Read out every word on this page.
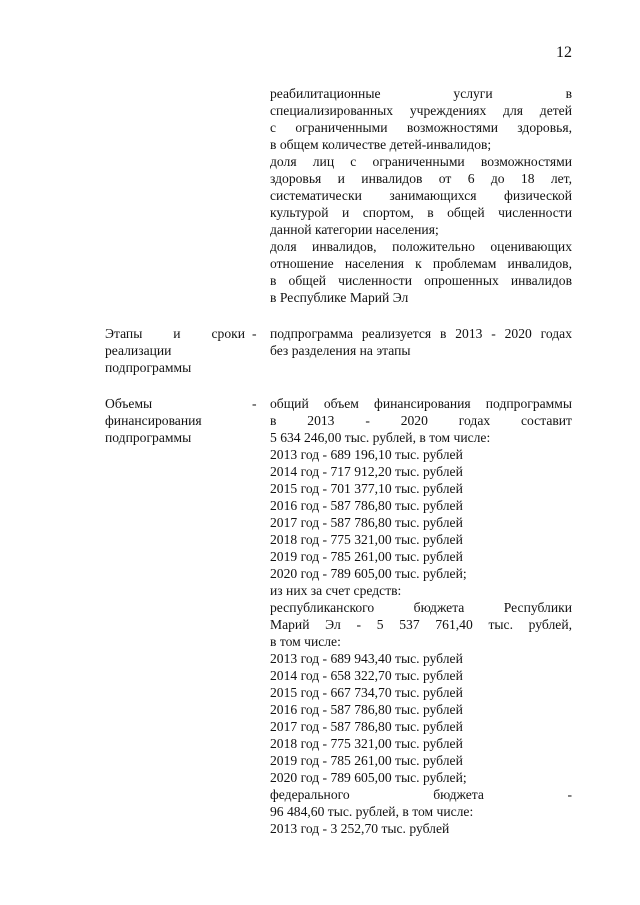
12
реабилитационные услуги в
специализированных учреждениях для детей
с ограниченными возможностями здоровья,
в общем количестве детей-инвалидов;
доля лиц с ограниченными возможностями
здоровья и инвалидов от 6 до 18 лет,
систематически занимающихся физической
культурой и спортом, в общей численности
данной категории населения;
доля инвалидов, положительно оценивающих
отношение населения к проблемам инвалидов,
в общей численности опрошенных инвалидов
в Республике Марий Эл
Этапы и сроки
реализации
подпрограммы
- подпрограмма реализуется в 2013 - 2020 годах
без разделения на этапы
Объемы
финансирования
подпрограммы
- общий объем финансирования подпрограммы
в 2013 - 2020 годах составит
5 634 246,00 тыс. рублей, в том числе:
2013 год - 689 196,10 тыс. рублей
2014 год - 717 912,20 тыс. рублей
2015 год - 701 377,10 тыс. рублей
2016 год - 587 786,80 тыс. рублей
2017 год - 587 786,80 тыс. рублей
2018 год - 775 321,00 тыс. рублей
2019 год - 785 261,00 тыс. рублей
2020 год - 789 605,00 тыс. рублей;
из них за счет средств:
республиканского бюджета Республики
Марий Эл - 5 537 761,40 тыс. рублей,
в том числе:
2013 год - 689 943,40 тыс. рублей
2014 год - 658 322,70 тыс. рублей
2015 год - 667 734,70 тыс. рублей
2016 год - 587 786,80 тыс. рублей
2017 год - 587 786,80 тыс. рублей
2018 год - 775 321,00 тыс. рублей
2019 год - 785 261,00 тыс. рублей
2020 год - 789 605,00 тыс. рублей;
федерального бюджета -
96 484,60 тыс. рублей, в том числе:
2013 год - 3 252,70 тыс. рублей
